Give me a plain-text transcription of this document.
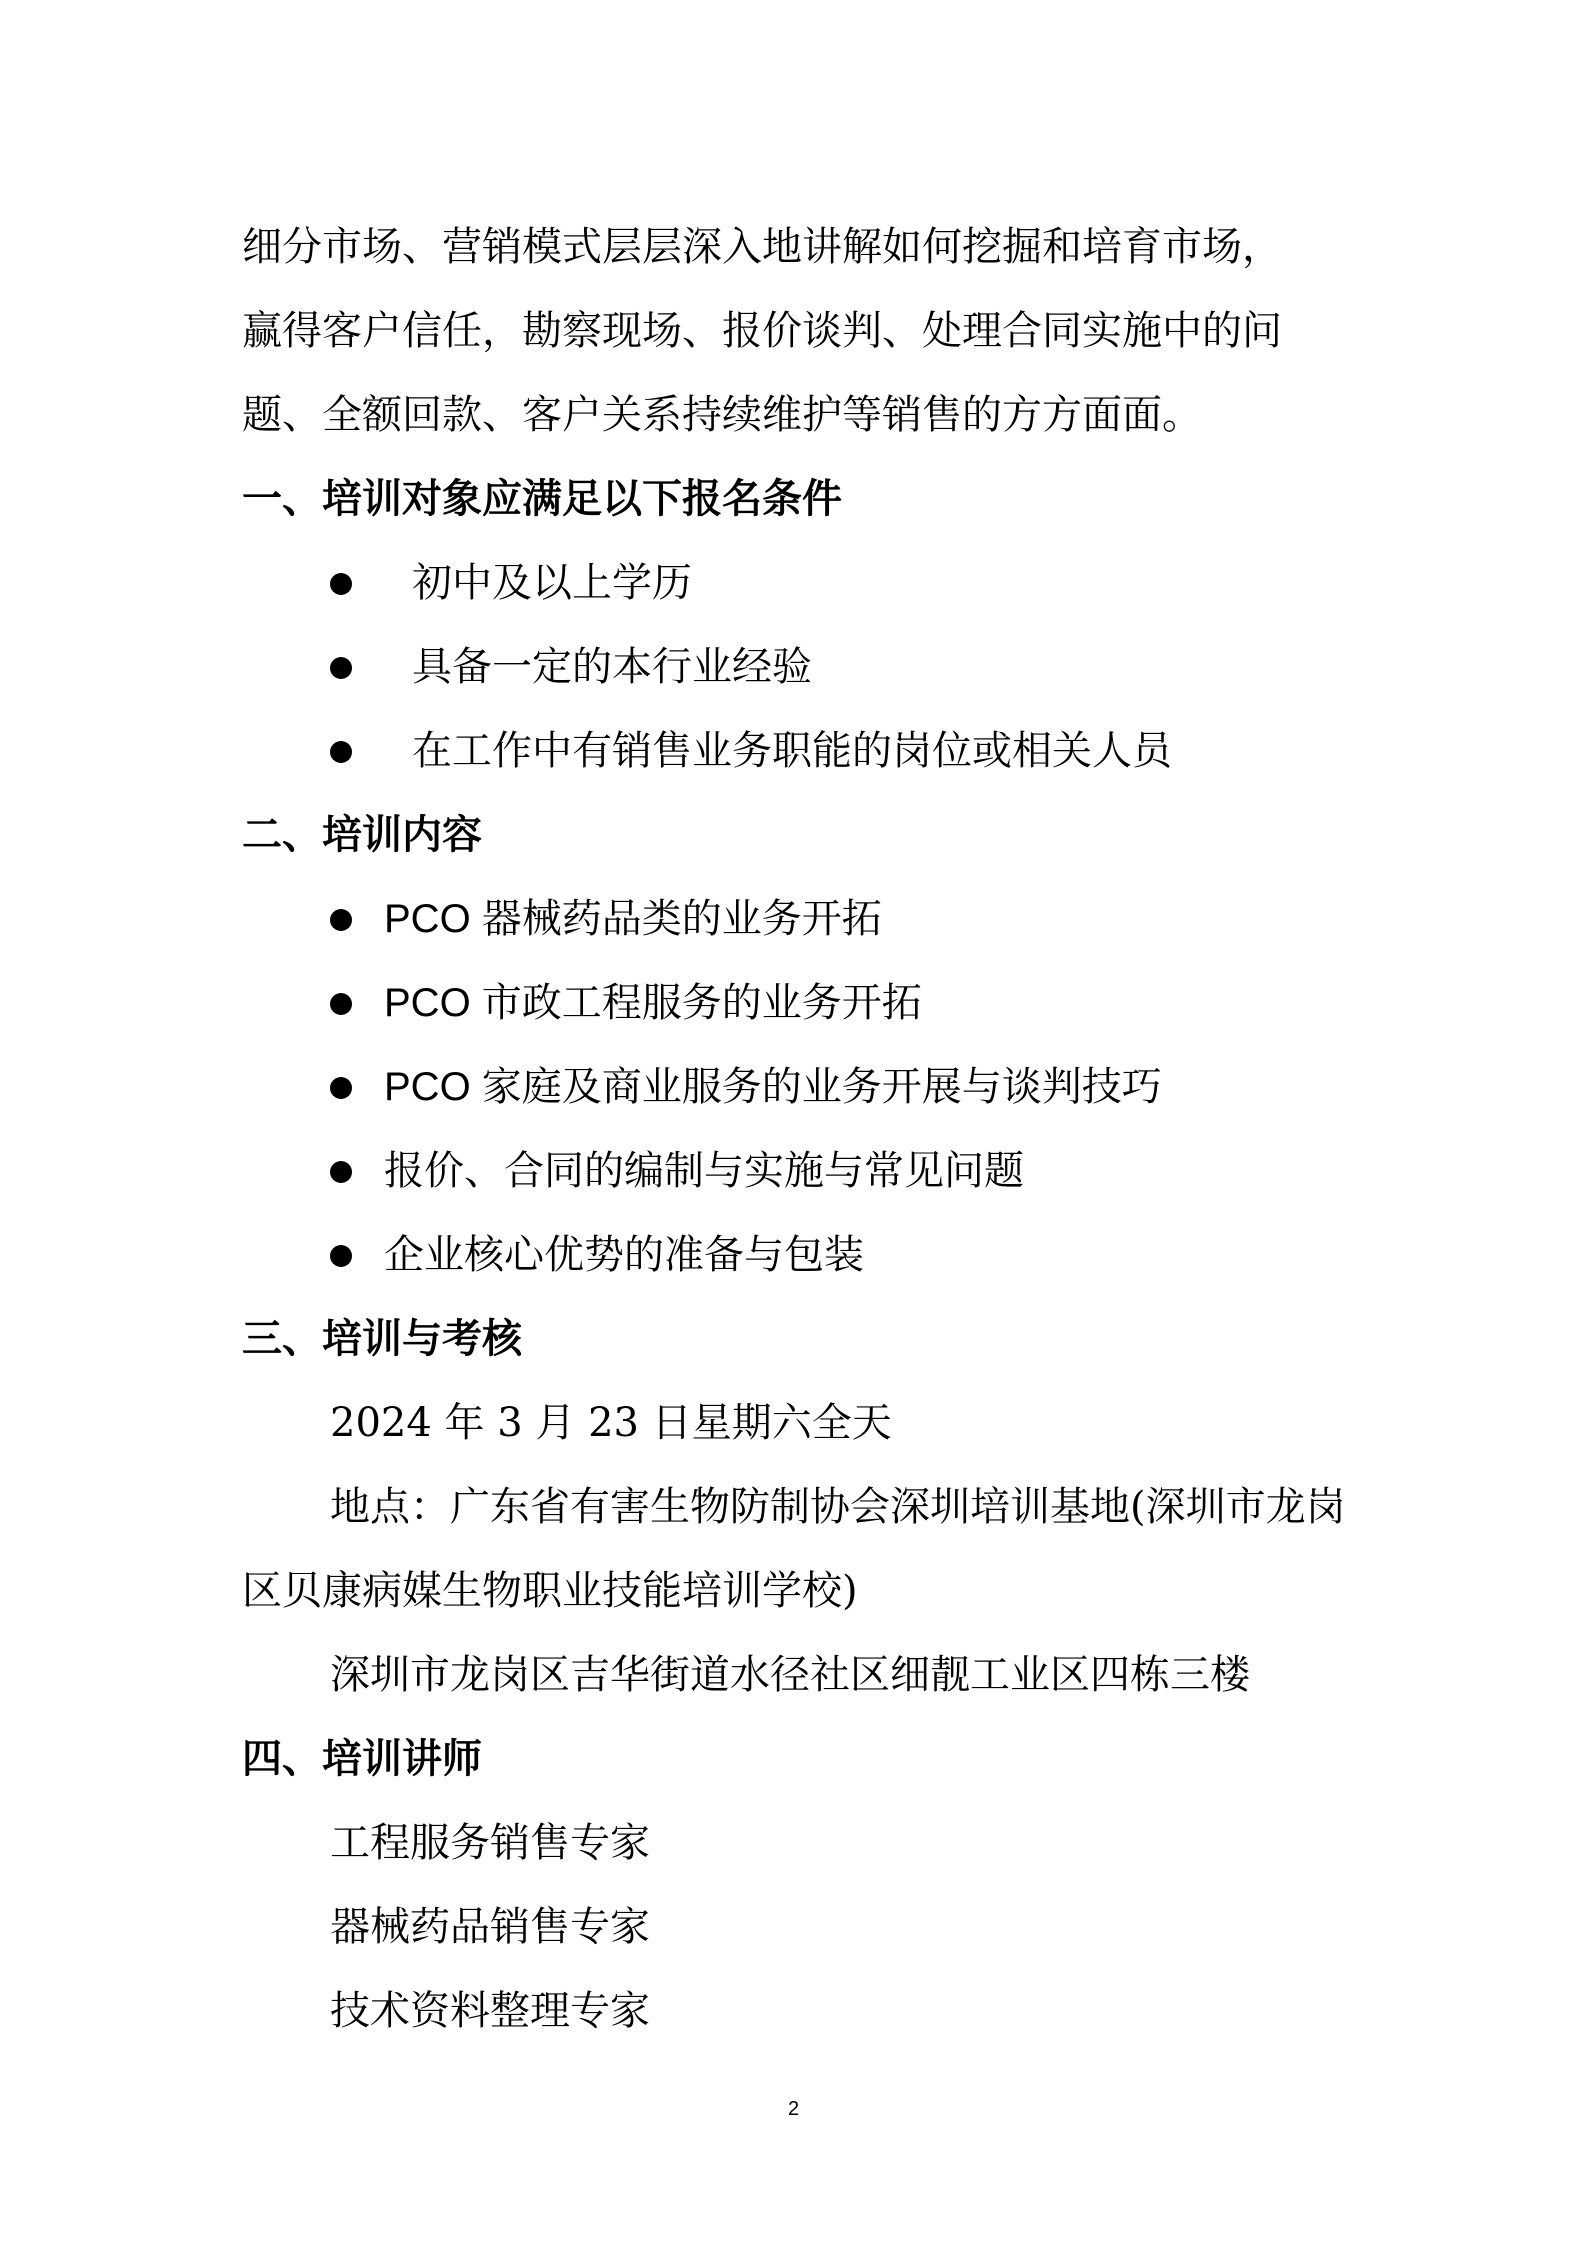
细分市场、营销模式层层深入地讲解如何挖掘和培育市场，
赢得客户信任，勘察现场、报价谈判、处理合同实施中的问
题、全额回款、客户关系持续维护等销售的方方面面。
一、培训对象应满足以下报名条件
初中及以上学历
具备一定的本行业经验
在工作中有销售业务职能的岗位或相关人员
二、培训内容
PCO 器械药品类的业务开拓
PCO 市政工程服务的业务开拓
PCO 家庭及商业服务的业务开展与谈判技巧
报价、合同的编制与实施与常见问题
企业核心优势的准备与包装
三、培训与考核
2024 年 3 月 23 日星期六全天
地点：广东省有害生物防制协会深圳培训基地(深圳市龙岗
区贝康病媒生物职业技能培训学校)
深圳市龙岗区吉华街道水径社区细靓工业区四栋三楼
四、培训讲师
工程服务销售专家
器械药品销售专家
技术资料整理专家
2
